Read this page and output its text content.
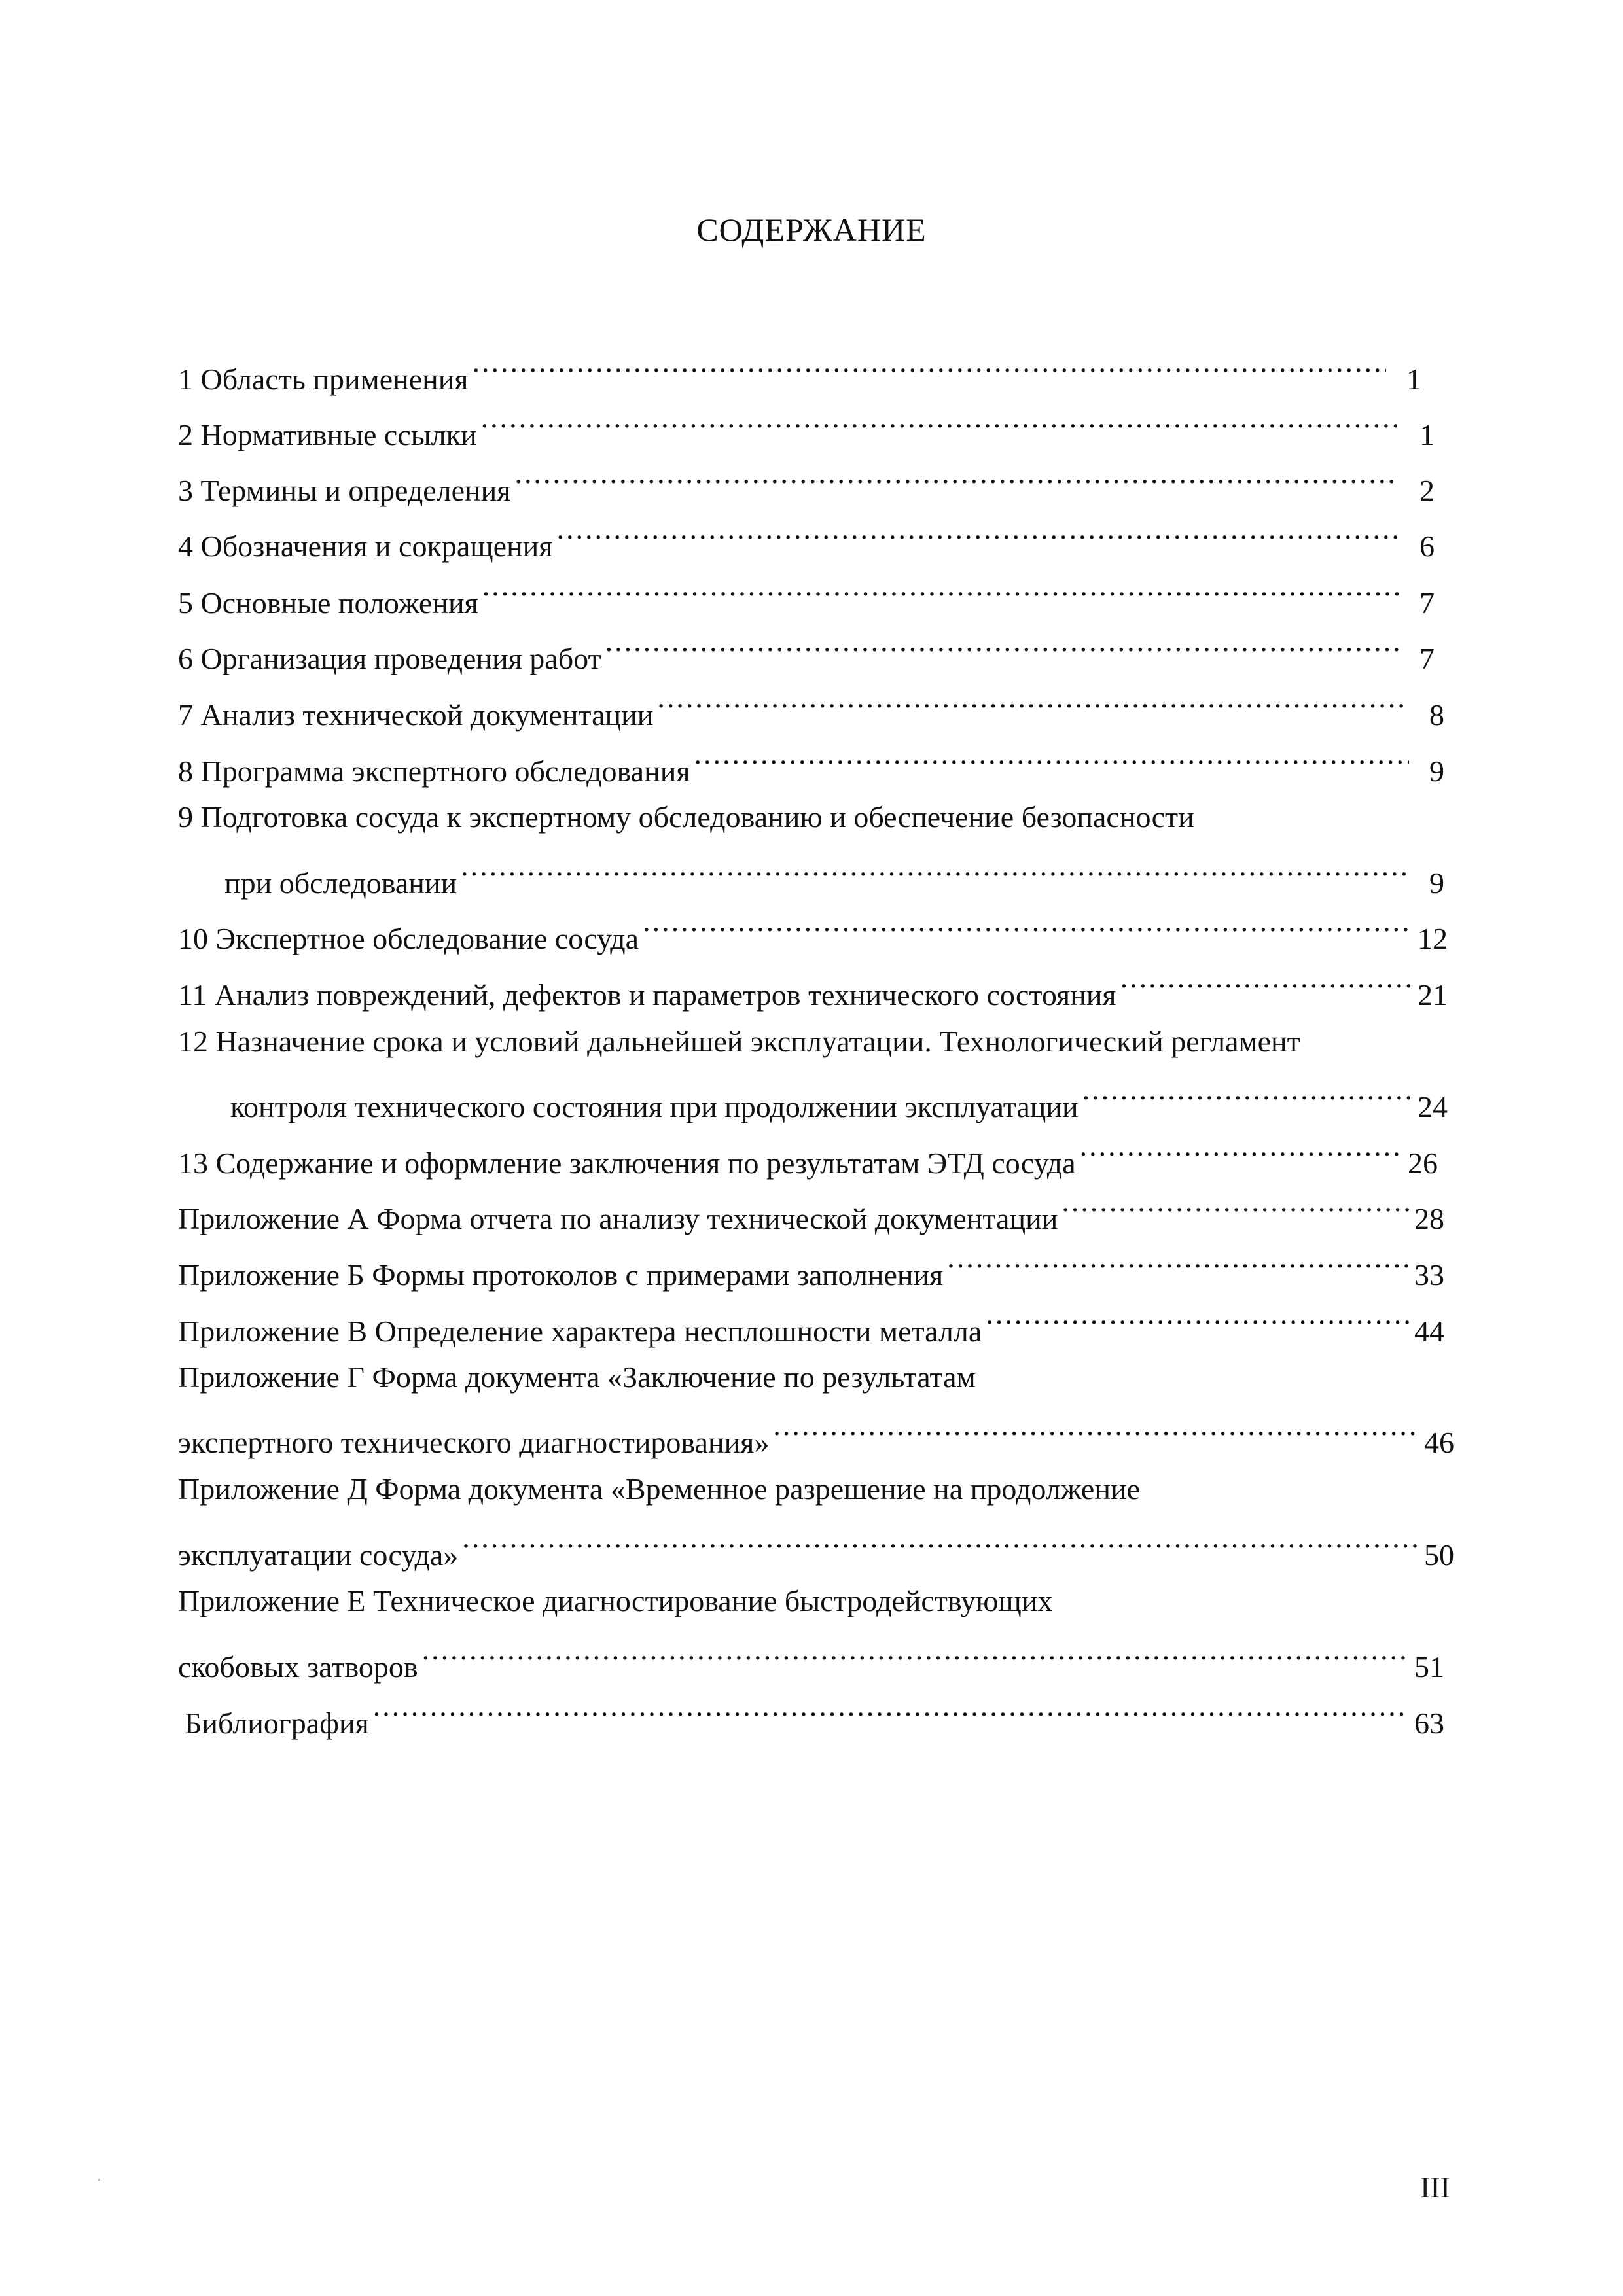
СОДЕРЖАНИЕ
1 Область применения .....	1
2 Нормативные ссылки .....	1
3 Термины и определения .....	2
4 Обозначения и сокращения .....	6
5 Основные положения .....	7
6 Организация проведения работ .....	7
7 Анализ технической документации .....	8
8 Программа экспертного обследования .....	9
9 Подготовка сосуда к экспертному обследованию и обеспечение безопасности
при обследовании .....	9
10 Экспертное обследование сосуда .....	12
11 Анализ повреждений, дефектов и параметров технического состояния .....	21
12 Назначение срока и условий дальнейшей эксплуатации. Технологический регламент
контроля технического состояния при продолжении эксплуатации .....	24
13 Содержание и оформление заключения по результатам ЭТД сосуда .....	26
Приложение А Форма отчета по анализу технической документации .....	28
Приложение Б Формы протоколов с примерами заполнения .....	33
Приложение В Определение характера несплошности металла .....	44
Приложение Г Форма документа «Заключение по результатам
экспертного технического диагностирования» .....	46
Приложение Д Форма документа «Временное разрешение на продолжение
эксплуатации сосуда» .....	50
Приложение Е Техническое диагностирование быстродействующих
скобовых затворов .....	51
Библиография .....	63
III
